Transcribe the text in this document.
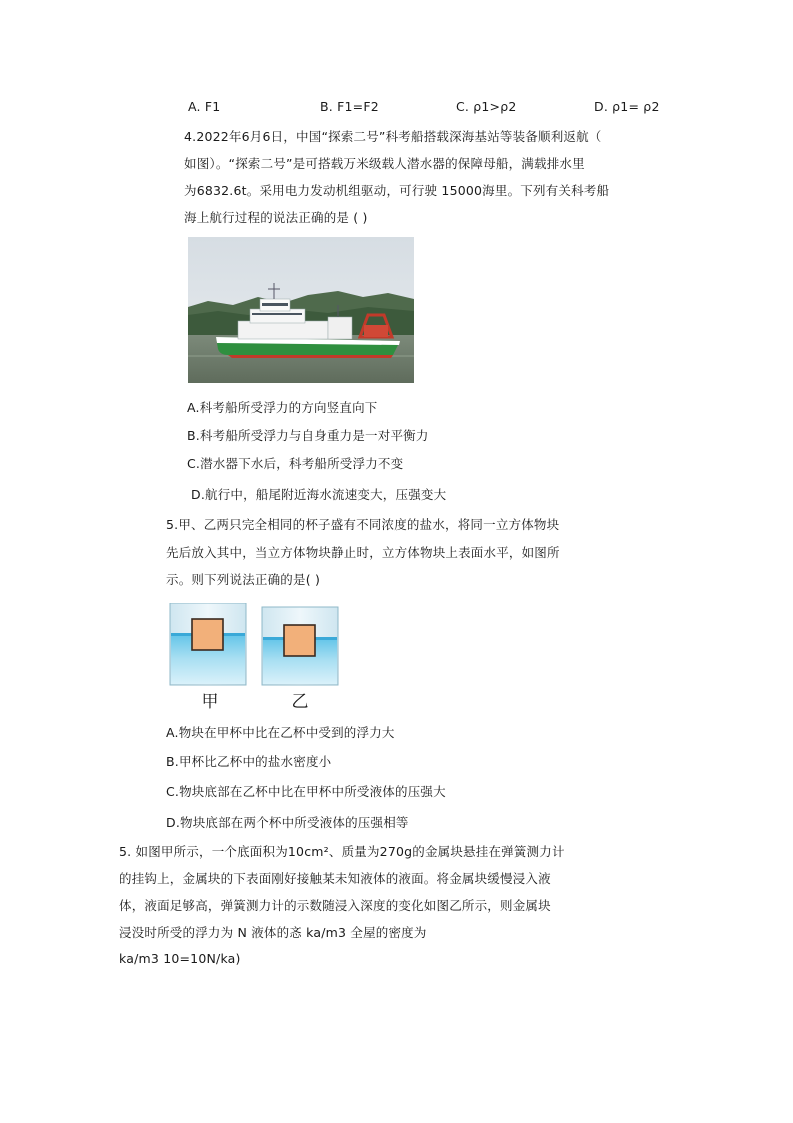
A. F1	B. F1=F2	C. ρ1>ρ2	D. ρ1= ρ2
4.2022年6月6日，中国“探索二号”科考船搭载深海基站等装备顺利返航（
如图）。“探索二号”是可搭载万米级载人潜水器的保障母船，满载排水里
为6832.6t。采用电力发动机组驱动，可行驶 15000海里。下列有关科考船
海上航行过程的说法正确的是 ( )
A.科考船所受浮力的方向竖直向下
B.科考船所受浮力与自身重力是一对平衡力
C.潜水器下水后，科考船所受浮力不变
D.航行中，船尾附近海水流速变大，压强变大
5.甲、乙两只完全相同的杯子盛有不同浓度的盐水，将同一立方体物块
先后放入其中，当立方体物块静止时，立方体物块上表面水平，如图所
示。则下列说法正确的是( )
甲	乙
A.物块在甲杯中比在乙杯中受到的浮力大
B.甲杯比乙杯中的盐水密度小
C.物块底部在乙杯中比在甲杯中所受液体的压强大
D.物块底部在两个杯中所受液体的压强相等
5. 如图甲所示，一个底面积为10cm²、质量为270g的金属块悬挂在弹簧测力计
的挂钩上，金属块的下表面刚好接触某未知液体的液面。将金属块缓慢浸入液
体，液面足够高，弹簧测力计的示数随浸入深度的变化如图乙所示，则金属块
浸没时所受的浮力为 N 液体的忞 ka/m3 全屋的密度为
ka/m3 10=10N/ka)
